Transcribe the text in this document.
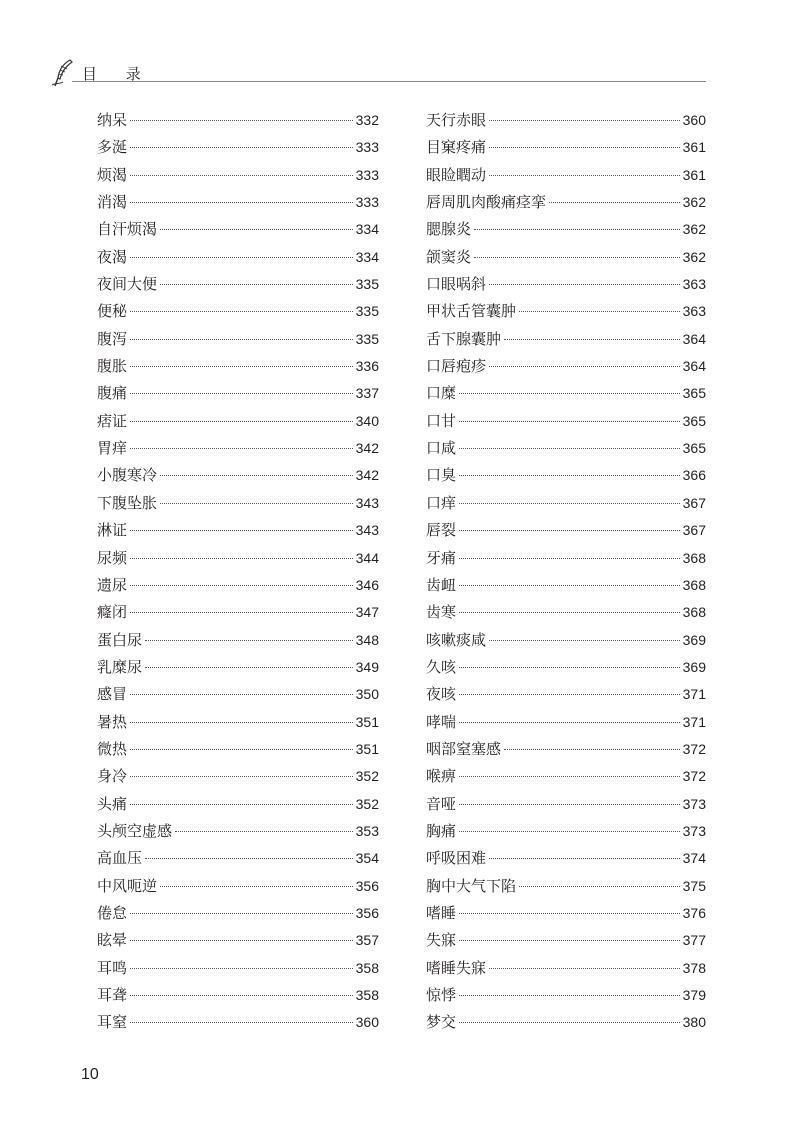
目 录
纳呆	332
多涎	333
烦渴	333
消渴	333
自汗烦渴	334
夜渴	334
夜间大便	335
便秘	335
腹泻	335
腹胀	336
腹痛	337
痞证	340
胃痒	342
小腹寒冷	342
下腹坠胀	343
淋证	343
尿频	344
遗尿	346
癃闭	347
蛋白尿	348
乳糜尿	349
感冒	350
暑热	351
微热	351
身冷	352
头痛	352
头颅空虚感	353
高血压	354
中风呃逆	356
倦怠	356
眩晕	357
耳鸣	358
耳聋	358
耳窒	360
天行赤眼	360
目窠疼痛	361
眼睑瞤动	361
唇周肌肉酸痛痉挛	362
腮腺炎	362
颌窦炎	362
口眼㖞斜	363
甲状舌管囊肿	363
舌下腺囊肿	364
口唇疱疹	364
口糜	365
口甘	365
口咸	365
口臭	366
口痒	367
唇裂	367
牙痛	368
齿衄	368
齿寒	368
咳嗽痰咸	369
久咳	369
夜咳	371
哮喘	371
咽部窒塞感	372
喉痹	372
音哑	373
胸痛	373
呼吸困难	374
胸中大气下陷	375
嗜睡	376
失寐	377
嗜睡失寐	378
惊悸	379
梦交	380
10
